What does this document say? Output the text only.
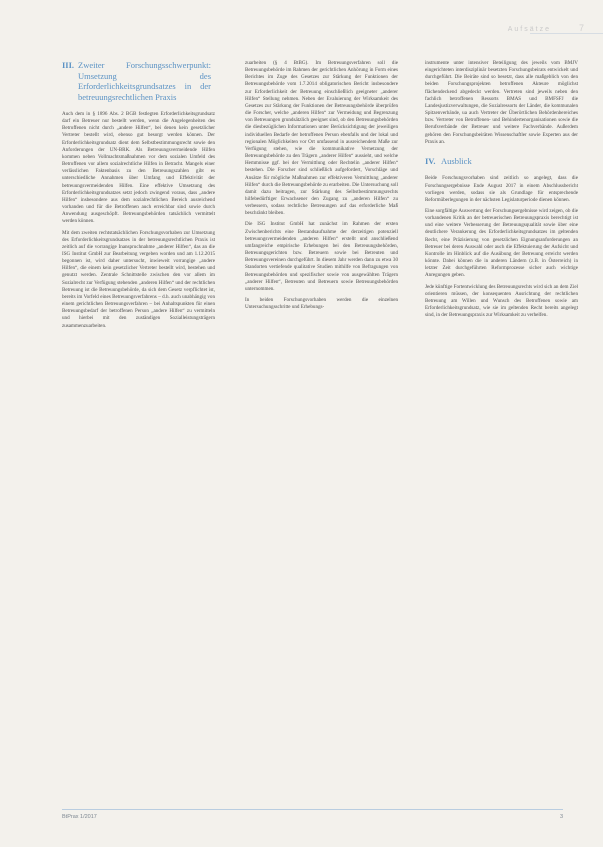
Aufsätze	7
III. Zweiter Forschungsschwerpunkt: Umsetzung des Erforderlichkeitsgrundsatzes in der betreuungsrechtlichen Praxis

Auch dem in § 1896 Abs. 2 BGB festlegten Erforderlichkeitsgrundsatz darf ein Betreuer nur bestellt werden, wenn die Angelegenheiten des Betroffenen nicht durch „andere Hilfen“, bei denen kein gesetzlicher Vertreter bestellt wird, ebenso gut besorgt werden können. Der Erforderlichkeitsgrundsatz dient dem Selbstbestimmungsrecht sowie den Anforderungen der UN-BRK. Als Betreuungsvermeidende Hilfen kommen neben Vollmachtsmaßnahmen vor dem sozialen Umfeld des Betroffenen vor allem sozialrechtliche Hilfen in Betracht. Mangels einer verlässlichen Faktenbasis zu den Betreuungszahlen gibt es unterschiedliche Annahmen über Umfang und Effektivität der betreuungsvermeidenden Hilfen. Eine effektive Umsetzung des Erforderlichkeitsgrundsatzes setzt jedoch zwingend voraus, dass „andere Hilfen“ insbesondere aus dem sozialrechtlichen Bereich ausreichend vorhanden und für die Betroffenen auch erreichbar sind sowie durch Anwendung ausgeschöpft. Betreuungsbehörden tatsächlich vermittelt werden können.

Mit dem zweiten rechtstatsächlichen Forschungsvorhaben zur Umsetzung des Erforderlichkeitsgrundsatzes in der betreuungsrechtlichen Praxis ist zeitlich auf die vorrangige Inanspruchnahme „anderer Hilfen“, das an die ISG Institut GmbH zur Bearbeitung vergeben worden und am 1.12.2015 begonnen ist, wird daher untersucht, inwieweit vorrangige „andere Hilfen“, die einem kein gesetzlicher Vertreter bestellt wird, bestehen und genutzt werden. Zentrale Schnittstelle zwischen den vor allem im Sozialrecht zur Verfügung stehenden „anderen Hilfen“ und der rechtlichen Betreuung ist die Betreuungsbehörde, da sich dem Gesetz verpflichtet ist, bereits im Vorfeld eines Betreuungsverfahrens – d.h. auch unabhängig von einem gerichtlichen Betreuungsverfahren – bei Anhaltspunkten für einen Betreuungsbedarf der betroffenen Person „andere Hilfen“ zu vermitteln und hierbei mit den zuständigen Sozialleistungsträgern zusammenzuarbeiten.

zuarbeiten (§ 4 BtBG). Im Betreuungsverfahren soll die Betreuungsbehörde im Rahmen der gerichtlichen Anhörung in Form eines Berichtes im Zuge des Gesetzes zur Stärkung der Funktionen der Betreuungsbehörde vom 1.7.2014 obligatorischen Bericht insbesondere zur Erforderlichkeit der Betreuung einschließlich geeigneter „anderer Hilfen“ Stellung nehmen. Neben der Evaluierung der Wirksamkeit des Gesetzes zur Stärkung der Funktionen der Betreuungsbehörde überprüfen die Forscher, welche „anderen Hilfen“ zur Vermeidung und Begrenzung von Betreuungen grundsätzlich geeignet sind, ob den Betreuungsbehörden die diesbezüglichen Informationen unter Berücksichtigung der jeweiligen individuellen Bedarfe der betroffenen Person ebenfalls und der lokal und regionalen Möglichkeiten vor Ort umfassend in ausreichendem Maße zur Verfügung stehen, wie die kommunikative Vernetzung der Betreuungsbehörde zu den Trägern „anderer Hilfen“ aussieht, und welche Hemmnisse ggf. bei der Vermittlung oder Rechtelin „anderer Hilfen“ bestehen. Die Forscher sind schließlich aufgefordert, Vorschläge und Ansätze für mögliche Maßnahmen zur effektiveren Vermittlung „anderer Hilfen“ durch die Betreuungsbehörde zu erarbeiten. Die Untersuchung soll damit dazu beitragen, zur Stärkung des Selbstbestimmungsrechts hilfebedürftiger Erwachsener den Zugang zu „anderen Hilfen“ zu verbessern, sodass rechtliche Betreuungen auf das erforderliche Maß beschränkt bleiben.

Die ISG Institut GmbH hat zunächst im Rahmen der ersten Zwischenberichts eine Bestandsaufnahme der derzeitigen potenziell betreuungsvermeidenden „anderen Hilfen“ erstellt und anschließend umfangreiche empirische Erhebungen bei den Betreuungsbehörden, Betreuungsgerichten bzw. Betreuern sowie bei Betreuten und Betreuungsvereinen durchgeführt. In diesem Jahr werden dann zu etwa 30 Standorten vertiefende qualitative Studien mithilfe von Befragungen von Betreuungsbehörden und spezifischer sowie von ausgewählten Trägern „anderer Hilfen“, Betreuten und Betreuern sowie Betreuungsbehörden unternommen.

In beiden Forschungsvorhaben werden die einzelnen Untersuchungsschritte und Erhebungs-

instrumente unter intensiver Beteiligung des jeweils vom BMJV eingerichteten interdisziplinär besetzten Forschungsbeirats entwickelt und durchgeführt. Die Beiräte sind so besetzt, dass alle maßgeblich von den beiden Forschungsprojekten betroffenen Akteure möglichst flächendeckend abgedeckt werden. Vertreten sind jeweils neben den fachlich betroffenen Ressorts BMAS und BMFSFJ die Landesjustizverwaltungen, die Sozialressorts der Länder, die kommunalen Spitzenverbände, ua auch Vertreter der Überörtlichen Behördenbereiches bzw. Vertreter von Betroffenen- und Behindertenorganisationen sowie die Berufsverbände der Betreuer und weitere Fachverbände. Außerdem gehören den Forschungsbeiräten Wissenschaftler sowie Experten aus der Praxis an.

IV. Ausblick

Beide Forschungsvorhaben sind zeitlich so angelegt, dass die Forschungsergebnisse Ende August 2017 in einem Abschlussbericht vorliegen werden, sodass sie als Grundlage für entsprechende Reformüberlegungen in der nächsten Legislaturperiode dienen können.

Eine sorgfältige Auswertung der Forschungsergebnisse wird zeigen, ob die vorhandenen Kritik an der betreuerischen Betreuungspraxis berechtigt ist und eine weitere Verbesserung der Betreuungsqualität sowie über eine deutlichere Verankerung des Erforderlichkeitsgrundsatzes im geltenden Recht, eine Präzisierung von gesetzlichen Eignungsanforderungen an Betreuer bei deren Auswahl oder auch die Effektuierung der Aufsicht und Kontrolle im Hinblick auf die Ausübung der Betreuung erreicht werden könnte. Dabei können die in anderen Ländern (z.B. in Österreich) in letzter Zeit durchgeführten Reformprozesse sicher auch wichtige Anregungen geben.

Jede künftige Fortentwicklung des Betreuungsrechts wird sich an dem Ziel orientieren müssen, der konsequenten Ausrichtung der rechtlichen Betreuung am Willen und Wunsch des Betroffenen sowie am Erforderlichkeitsgrundsatz, wie sie im geltenden Recht bereits angelegt sind, in der Betreuungspraxis zur Wirksamkeit zu verhelfen.

BtPrax 1/2017	3
